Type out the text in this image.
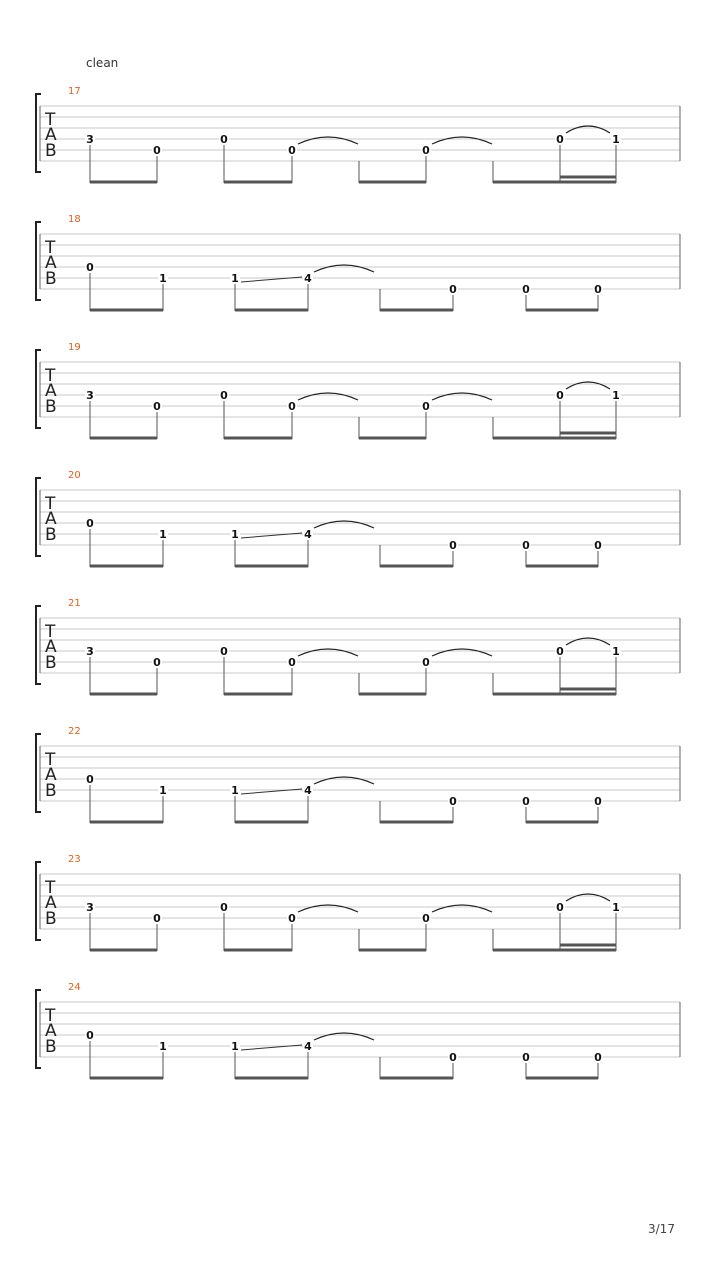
clean
17
T
A
B
3
0
0
0	0
0	1
18
T
A
B
0
1	1	4
0	0	0
19
T
A
B
3
0
0
0	0
0	1
20
T
A
B
0
1	1	4
0	0	0
21
T
A
B
3
0
0
0	0
0	1
22
T
A
B
0
1	1	4
0	0	0
23
T
A
B
3
0
0
0	0
0	1
24
T
A
B
0
1	1	4
0	0	0
3/17
